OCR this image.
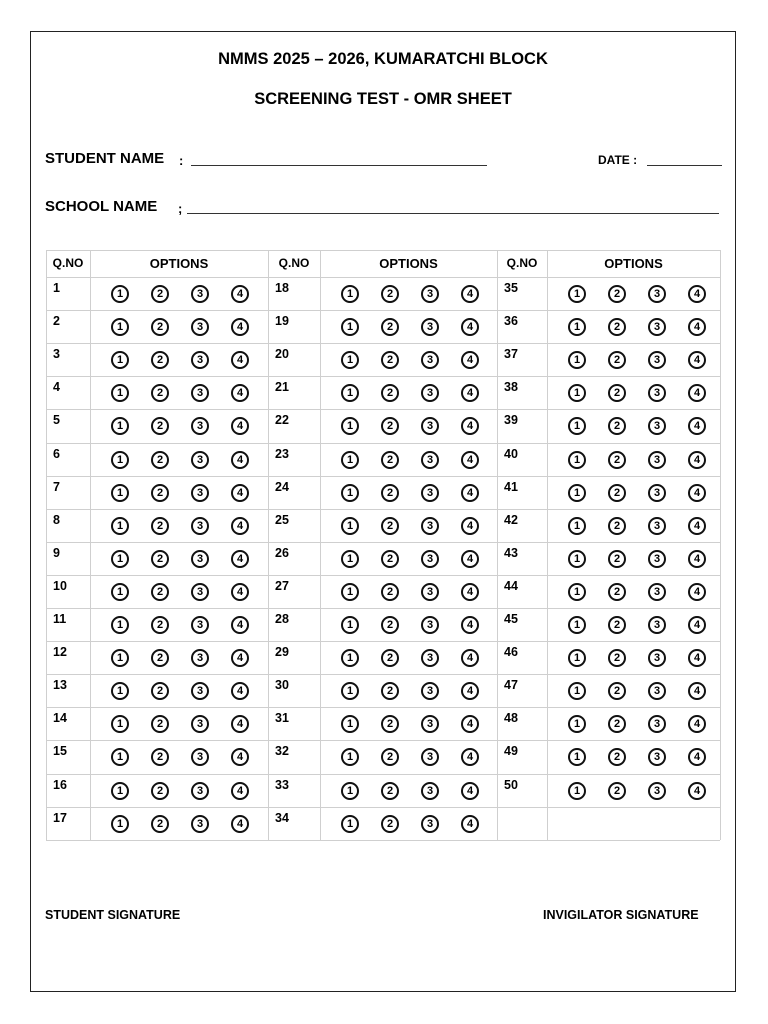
NMMS 2025 – 2026, KUMARATCHI BLOCK
SCREENING TEST - OMR SHEET
STUDENT NAME :	DATE :
SCHOOL NAME ;
Q.NO	OPTIONS
1	1	2	3	4
2	1	2	3	4
3	1	2	3	4
4	1	2	3	4
5	1	2	3	4
6	1	2	3	4
7	1	2	3	4
8	1	2	3	4
9	1	2	3	4
10	1	2	3	4
11	1	2	3	4
12	1	2	3	4
13	1	2	3	4
14	1	2	3	4
15	1	2	3	4
16	1	2	3	4
17	1	2	3	4
Q.NO	OPTIONS
18	1	2	3	4
19	1	2	3	4
20	1	2	3	4
21	1	2	3	4
22	1	2	3	4
23	1	2	3	4
24	1	2	3	4
25	1	2	3	4
26	1	2	3	4
27	1	2	3	4
28	1	2	3	4
29	1	2	3	4
30	1	2	3	4
31	1	2	3	4
32	1	2	3	4
33	1	2	3	4
34	1	2	3	4
Q.NO	OPTIONS
35	1	2	3	4
36	1	2	3	4
37	1	2	3	4
38	1	2	3	4
39	1	2	3	4
40	1	2	3	4
41	1	2	3	4
42	1	2	3	4
43	1	2	3	4
44	1	2	3	4
45	1	2	3	4
46	1	2	3	4
47	1	2	3	4
48	1	2	3	4
49	1	2	3	4
50	1	2	3	4
STUDENT SIGNATURE	INVIGILATOR SIGNATURE
